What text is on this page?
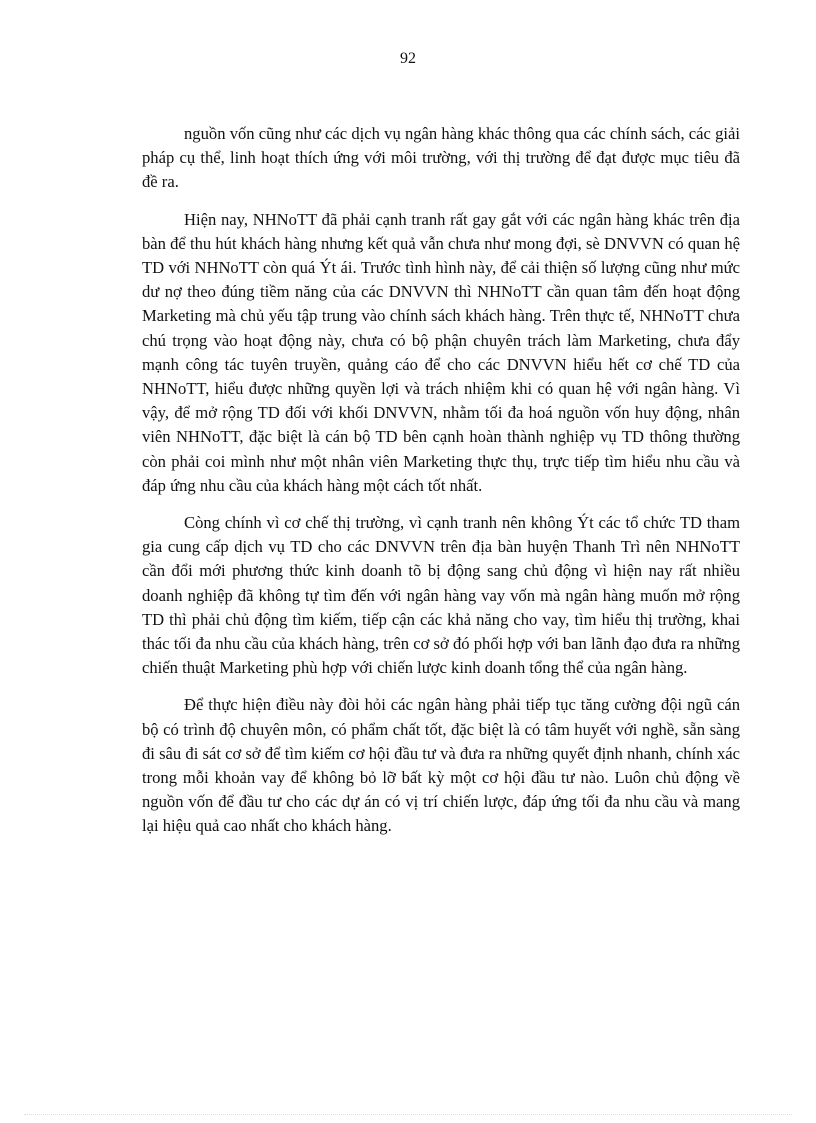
92

nguồn vốn cũng như các dịch vụ ngân hàng khác thông qua các chính sách, các giải pháp cụ thể, linh hoạt thích ứng với môi trường, với thị trường để đạt được mục tiêu đã đề ra.

Hiện nay, NHNoTT đã phải cạnh tranh rất gay gắt với các ngân hàng khác trên địa bàn để thu hút khách hàng nhưng kết quả vẫn chưa như mong đợi, sè DNVVN có quan hệ TD với NHNoTT còn quá Ýt ái. Trước tình hình này, để cải thiện số lượng cũng như mức dư nợ theo đúng tiềm năng của các DNVVN thì NHNoTT cần quan tâm đến hoạt động Marketing mà chủ yếu tập trung vào chính sách khách hàng. Trên thực tế, NHNoTT chưa chú trọng vào hoạt động này, chưa có bộ phận chuyên trách làm Marketing, chưa đẩy mạnh công tác tuyên truyền, quảng cáo để cho các DNVVN hiểu hết cơ chế TD của NHNoTT, hiểu được những quyền lợi và trách nhiệm khi có quan hệ với ngân hàng. Vì vậy, để mở rộng TD đối với khối DNVVN, nhằm tối đa hoá nguồn vốn huy động, nhân viên NHNoTT, đặc biệt là cán bộ TD bên cạnh hoàn thành nghiệp vụ TD thông thường còn phải coi mình như một nhân viên Marketing thực thụ, trực tiếp tìm hiểu nhu cầu và đáp ứng nhu cầu của khách hàng một cách tốt nhất.

Còng chính vì cơ chế thị trường, vì cạnh tranh nên không Ýt các tổ chức TD tham gia cung cấp dịch vụ TD cho các DNVVN trên địa bàn huyện Thanh Trì nên NHNoTT cần đổi mới phương thức kinh doanh tõ bị động sang chủ động vì hiện nay rất nhiều doanh nghiệp đã không tự tìm đến với ngân hàng vay vốn mà ngân hàng muốn mở rộng TD thì phải chủ động tìm kiếm, tiếp cận các khả năng cho vay, tìm hiểu thị trường, khai thác tối đa nhu cầu của khách hàng, trên cơ sở đó phối hợp với ban lãnh đạo đưa ra những chiến thuật Marketing phù hợp với chiến lược kinh doanh tổng thể của ngân hàng.

Để thực hiện điều này đòi hỏi các ngân hàng phải tiếp tục tăng cường đội ngũ cán bộ có trình độ chuyên môn, có phẩm chất tốt, đặc biệt là có tâm huyết với nghề, sẵn sàng đi sâu đi sát cơ sở để tìm kiếm cơ hội đầu tư và đưa ra những quyết định nhanh, chính xác trong mỗi khoản vay để không bỏ lỡ bất kỳ một cơ hội đầu tư nào. Luôn chủ động về nguồn vốn để đầu tư cho các dự án có vị trí chiến lược, đáp ứng tối đa nhu cầu và mang lại hiệu quả cao nhất cho khách hàng.
